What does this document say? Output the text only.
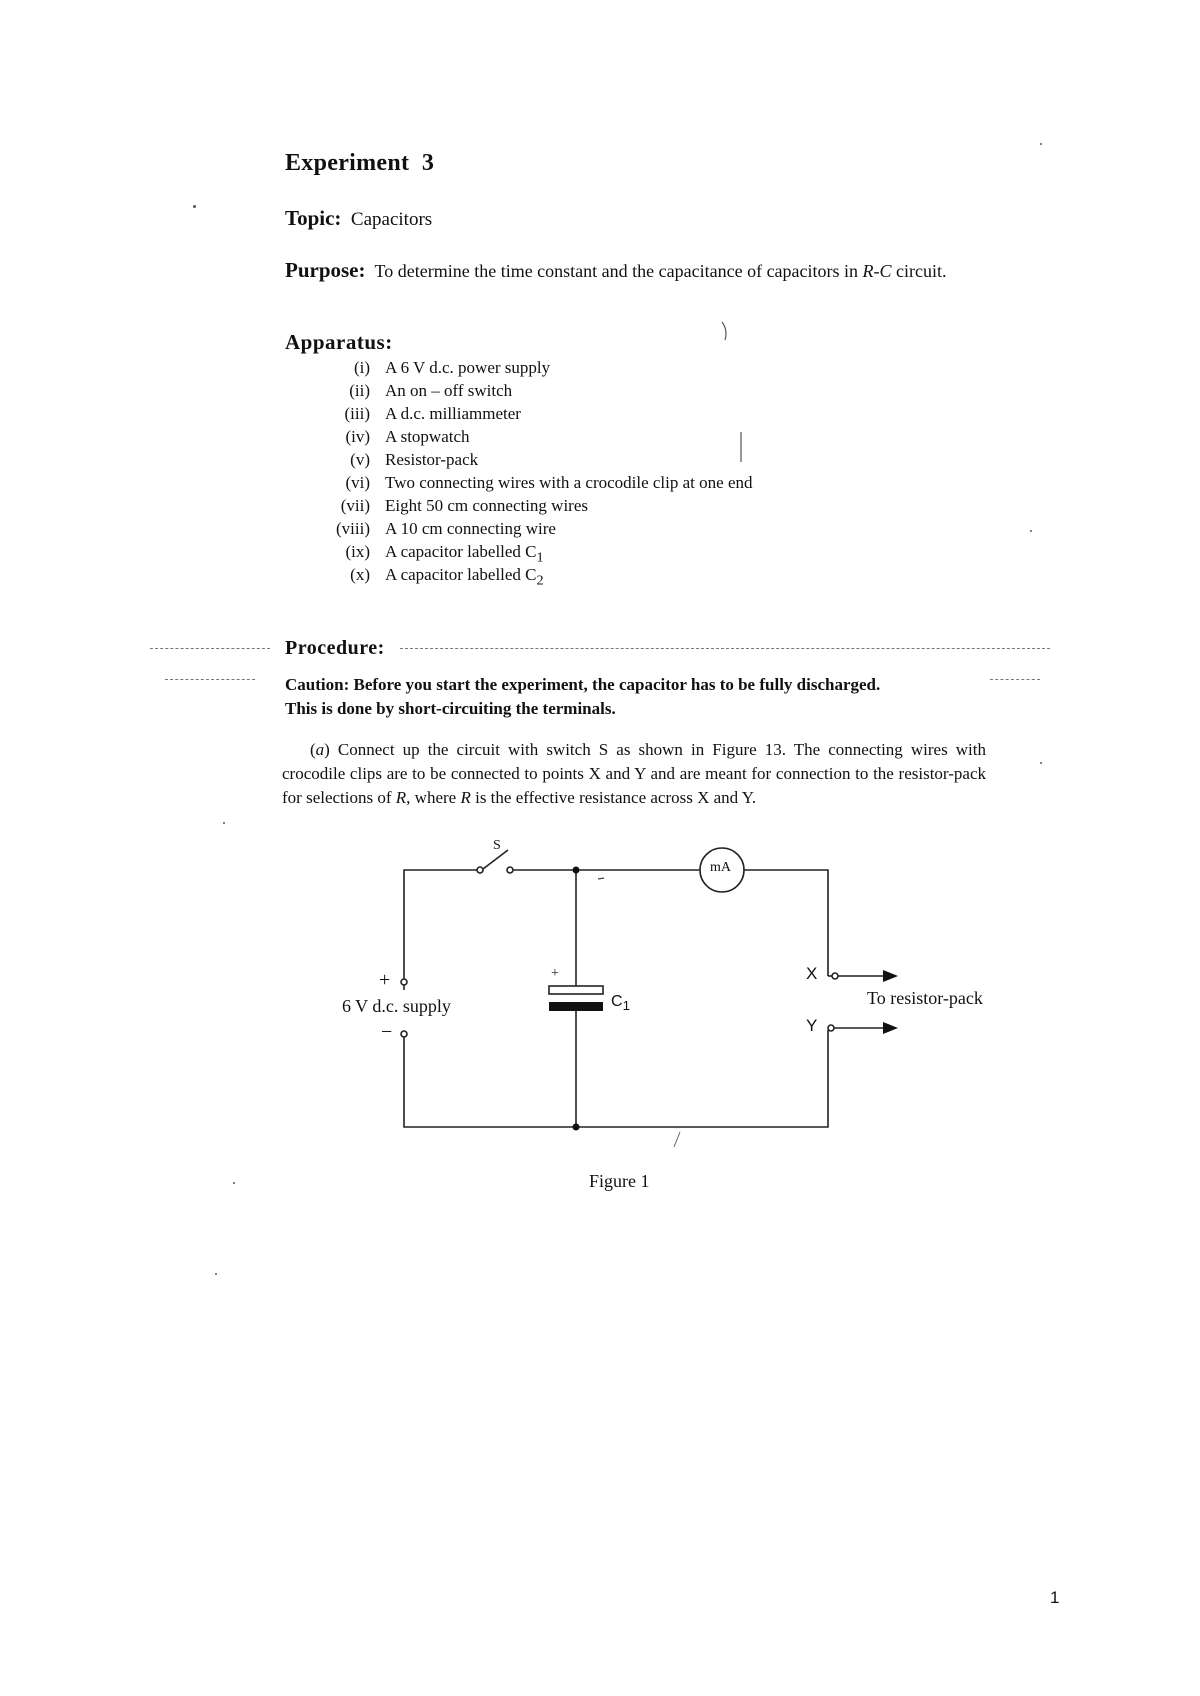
Experiment 3
Topic: Capacitors
Purpose: To determine the time constant and the capacitance of capacitors in R-C circuit.
Apparatus:
(i) A 6 V d.c. power supply
(ii) An on – off switch
(iii) A d.c. milliammeter
(iv) A stopwatch
(v) Resistor-pack
(vi) Two connecting wires with a crocodile clip at one end
(vii) Eight 50 cm connecting wires
(viii) A 10 cm connecting wire
(ix) A capacitor labelled $C_1$
(x) A capacitor labelled $C_2$
Procedure:
Caution: Before you start the experiment, the capacitor has to be fully discharged.
This is done by short-circuiting the terminals.
(a) Connect up the circuit with switch S as shown in Figure 13. The connecting wires with crocodile clips are to be connected to points X and Y and are meant for connection to the resistor-pack for selections of R, where R is the effective resistance across X and Y.
S
mA
+
6 V d.c. supply
−
+
$C_1$
X
Y
To resistor-pack
Figure 1
1
